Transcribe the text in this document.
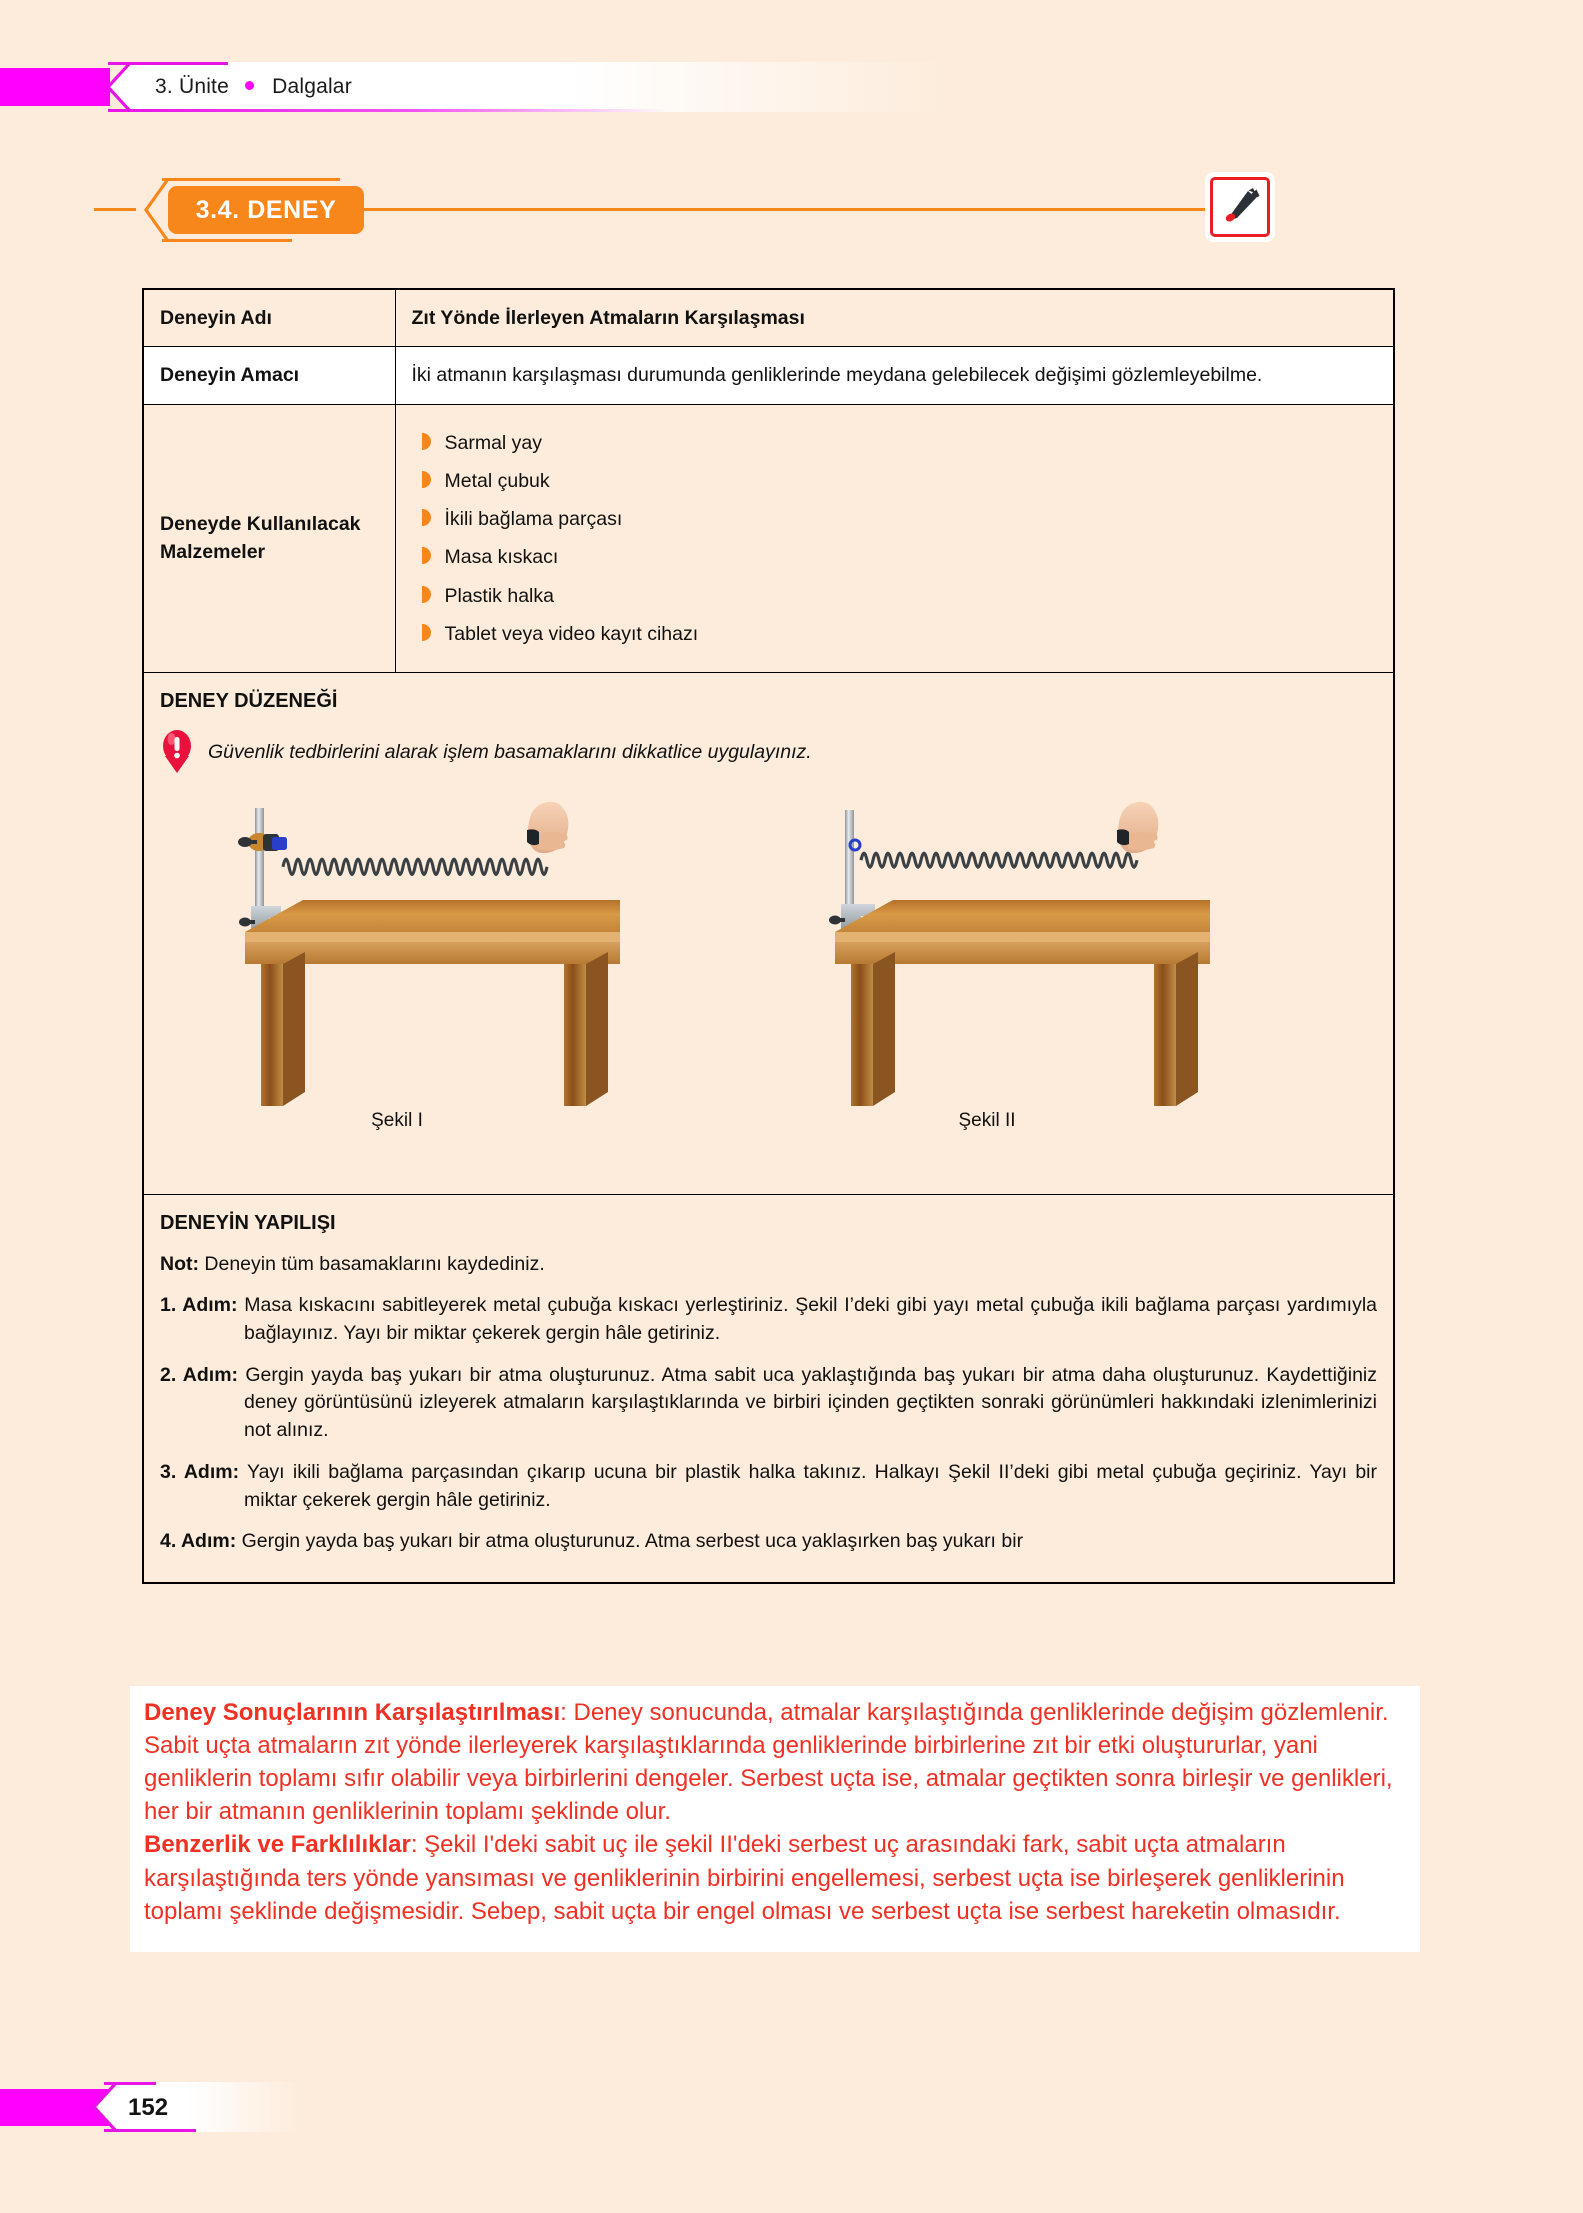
3. Ünite Dalgalar
3.4. DENEY
Deneyin Adı	Zıt Yönde İlerleyen Atmaların Karşılaşması
Deneyin Amacı	İki atmanın karşılaşması durumunda genliklerinde meydana gelebilecek değişimi gözlemleyebilme.
Deneyde Kullanılacak Malzemeler	
Sarmal yay
Metal çubuk
İkili bağlama parçası
Masa kıskacı
Plastik halka
Tablet veya video kayıt cihazı

DENEY DÜZENEĞİ
Güvenlik tedbirlerini alarak işlem basamaklarını dikkatlice uygulayınız.
Şekil I Şekil II	

DENEYİN YAPILIŞI
Not: Deneyin tüm basamaklarını kaydediniz.
1. Adım: Masa kıskacını sabitleyerek metal çubuğa kıskacı yerleştiriniz. Şekil I’deki gibi yayı metal çubuğa ikili bağlama parçası yardımıyla bağlayınız. Yayı bir miktar çekerek gergin hâle getiriniz.
2. Adım: Gergin yayda baş yukarı bir atma oluşturunuz. Atma sabit uca yaklaştığında baş yukarı bir atma daha oluşturunuz. Kaydettiğiniz deney görüntüsünü izleyerek atmaların karşılaştıklarında ve birbiri içinden geçtikten sonraki görünümleri hakkındaki izlenimlerinizi not alınız.
3. Adım: Yayı ikili bağlama parçasından çıkarıp ucuna bir plastik halka takınız. Halkayı Şekil II’deki gibi metal çubuğa geçiriniz. Yayı bir miktar çekerek gergin hâle getiriniz.
4. Adım: Gergin yayda baş yukarı bir atma oluşturunuz. Atma serbest uca yaklaşırken baş yukarı bir

Deney Sonuçlarının Karşılaştırılması: Deney sonucunda, atmalar karşılaştığında genliklerinde değişim gözlemlenir. Sabit uçta atmaların zıt yönde ilerleyerek karşılaştıklarında genliklerinde birbirlerine zıt bir etki oluştururlar, yani genliklerin toplamı sıfır olabilir veya birbirlerini dengeler. Serbest uçta ise, atmalar geçtikten sonra birleşir ve genlikleri, her bir atmanın genliklerinin toplamı şeklinde olur.

Benzerlik ve Farklılıklar: Şekil I'deki sabit uç ile şekil II'deki serbest uç arasındaki fark, sabit uçta atmaların karşılaştığında ters yönde yansıması ve genliklerinin birbirini engellemesi, serbest uçta ise birleşerek genliklerinin toplamı şeklinde değişmesidir. Sebep, sabit uçta bir engel olması ve serbest uçta ise serbest hareketin olmasıdır.

152
